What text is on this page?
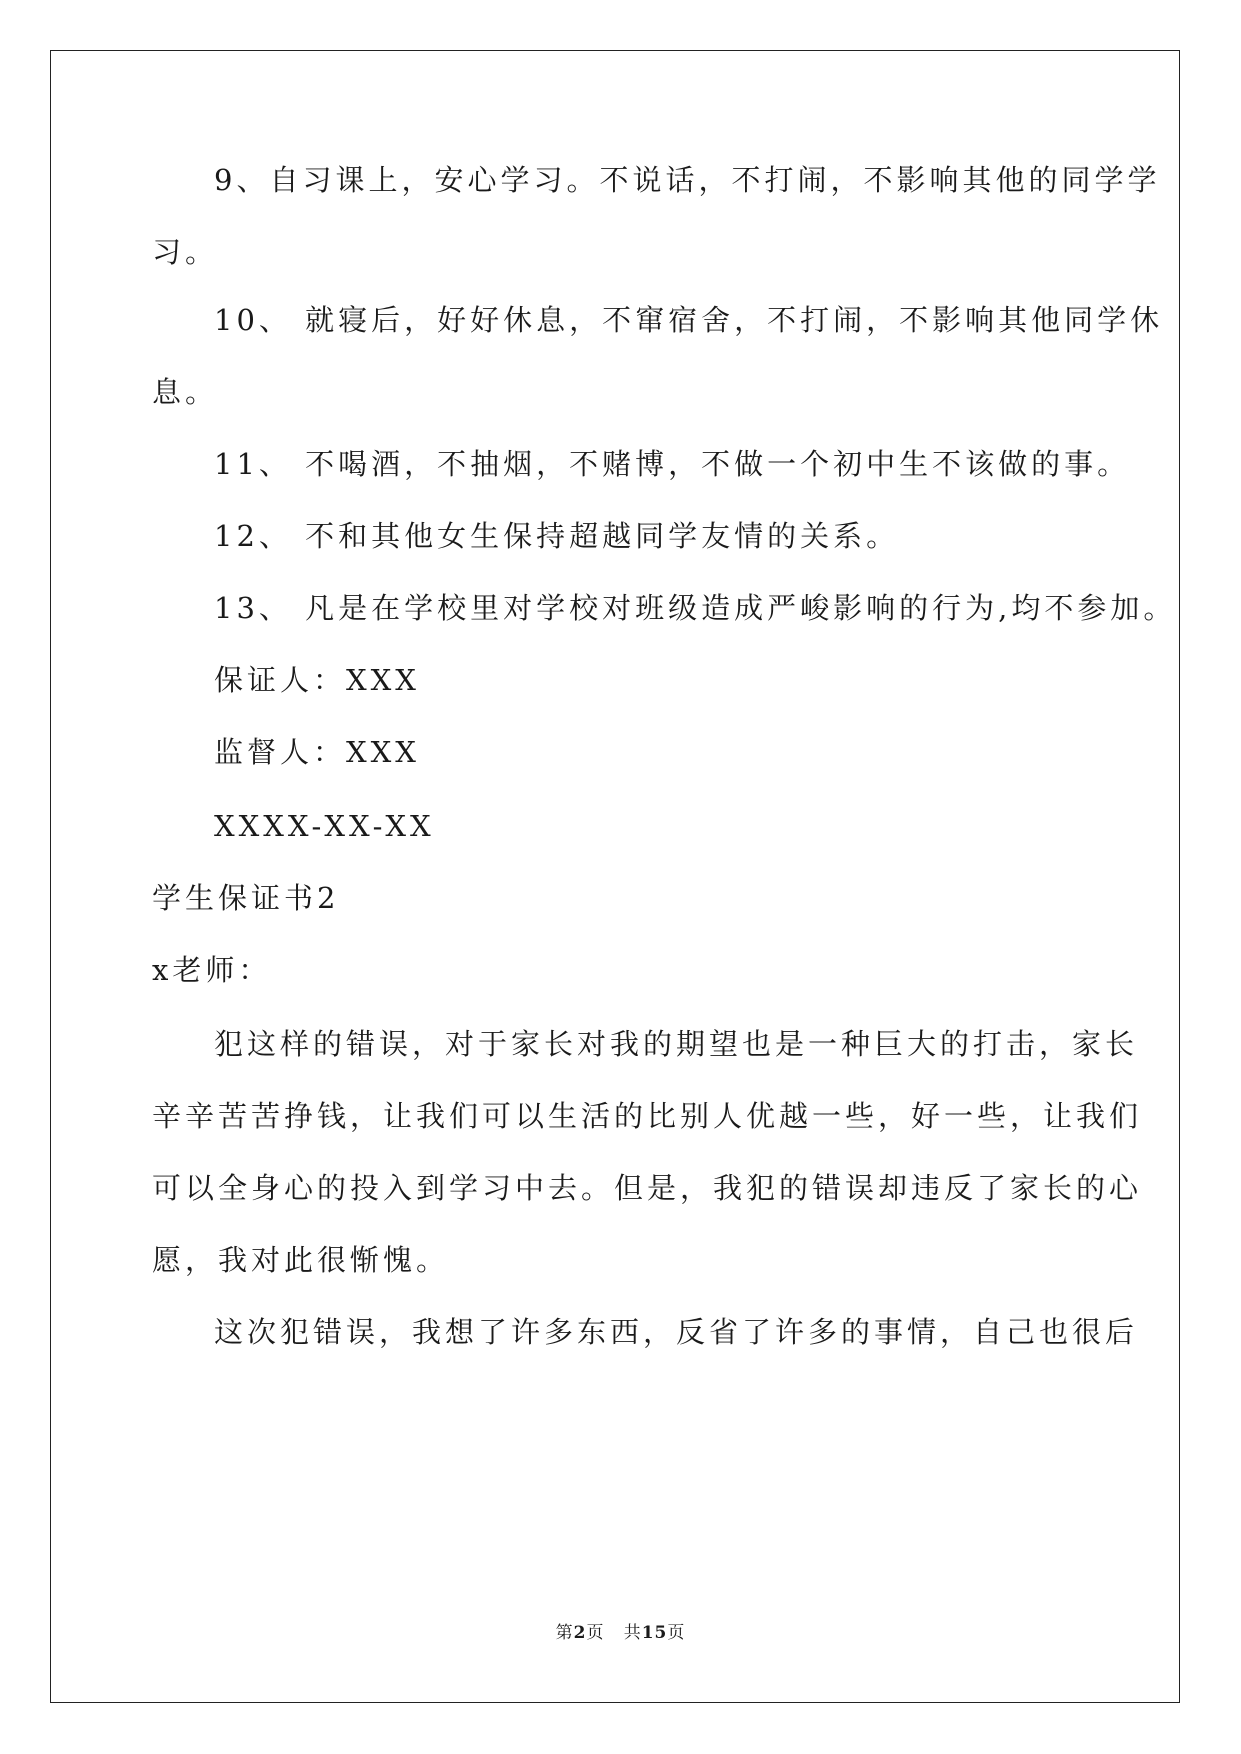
9、自习课上，安心学习。不说话，不打闹，不影响其他的同学学
习。
10、 就寝后，好好休息，不窜宿舍，不打闹，不影响其他同学休
息。
11、 不喝酒，不抽烟，不赌博，不做一个初中生不该做的事。
12、 不和其他女生保持超越同学友情的关系。
13、 凡是在学校里对学校对班级造成严峻影响的行为,均不参加。
保证人：XXX
监督人：XXX
XXXX-XX-XX
学生保证书2
x老师：
犯这样的错误，对于家长对我的期望也是一种巨大的打击，家长
辛辛苦苦挣钱，让我们可以生活的比别人优越一些，好一些，让我们
可以全身心的投入到学习中去。但是，我犯的错误却违反了家长的心
愿，我对此很惭愧。
这次犯错误，我想了许多东西，反省了许多的事情，自己也很后
第2页 共15页
